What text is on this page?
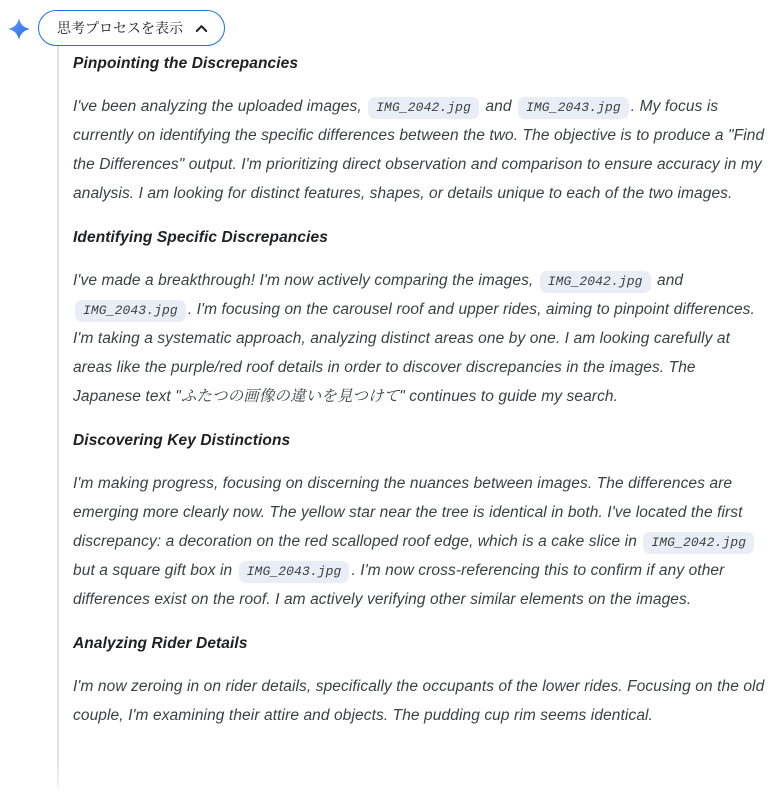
思考プロセスを表示
Pinpointing the Discrepancies

I've been analyzing the uploaded images, IMG_2042.jpg and IMG_2043.jpg . My focus is currently on identifying the specific differences between the two. The objective is to produce a "Find the Differences" output. I'm prioritizing direct observation and comparison to ensure accuracy in my analysis. I am looking for distinct features, shapes, or details unique to each of the two images.

Identifying Specific Discrepancies

I've made a breakthrough! I'm now actively comparing the images, IMG_2042.jpg and IMG_2043.jpg . I'm focusing on the carousel roof and upper rides, aiming to pinpoint differences. I'm taking a systematic approach, analyzing distinct areas one by one. I am looking carefully at areas like the purple/red roof details in order to discover discrepancies in the images. The Japanese text "ふたつの画像の違いを見つけて" continues to guide my search.

Discovering Key Distinctions

I'm making progress, focusing on discerning the nuances between images. The differences are emerging more clearly now. The yellow star near the tree is identical in both. I've located the first discrepancy: a decoration on the red scalloped roof edge, which is a cake slice in IMG_2042.jpg but a square gift box in IMG_2043.jpg . I'm now cross-referencing this to confirm if any other differences exist on the roof. I am actively verifying other similar elements on the images.

Analyzing Rider Details

I'm now zeroing in on rider details, specifically the occupants of the lower rides. Focusing on the old couple, I'm examining their attire and objects. The pudding cup rim seems identical.
